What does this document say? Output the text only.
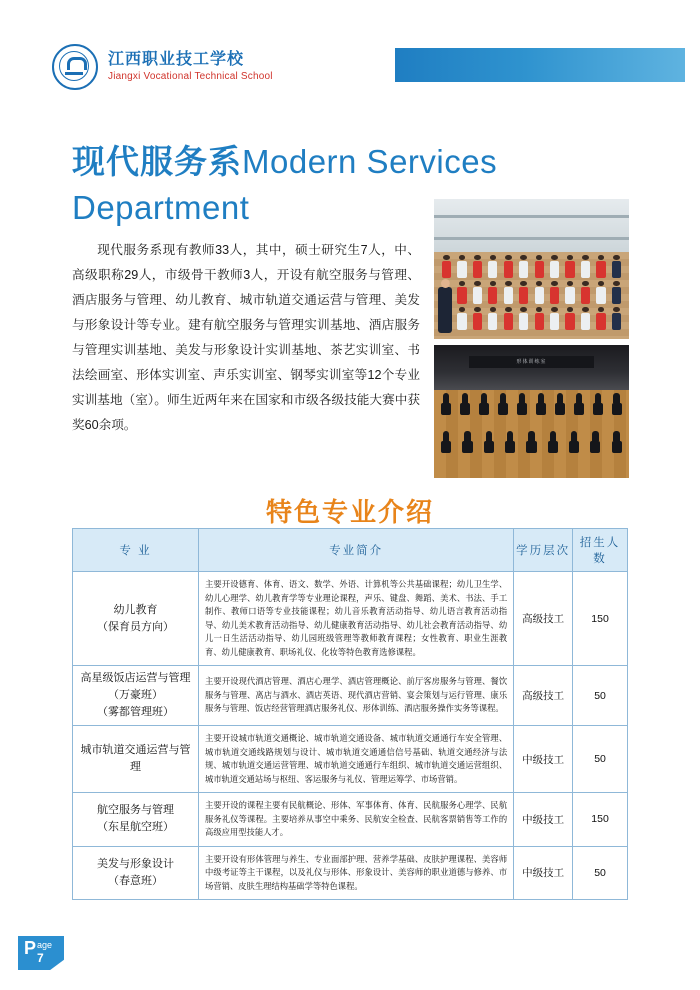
江西职业技工学校
Jiangxi Vocational Technical School
现代服务系Modern Services
Department
现代服务系现有教师33人，其中，硕士研究生7人，中、高级职称29人，市级骨干教师3人，开设有航空服务与管理、酒店服务与管理、幼儿教育、城市轨道交通运营与管理、美发与形象设计等专业。建有航空服务与管理实训基地、酒店服务与管理实训基地、美发与形象设计实训基地、茶艺实训室、书法绘画室、形体实训室、声乐实训室、钢琴实训室等12个专业实训基地（室）。师生近两年来在国家和市级各级技能大赛中获奖60余项。
形体训练室
特色专业介绍
专 业	专业简介	学历层次	招生人数

幼儿教育
（保育员方向）	主要开设德育、体育、语文、数学、外语、计算机等公共基础课程；幼儿卫生学、幼儿心理学、幼儿教育学等专业理论课程，声乐、键盘、舞蹈、美术、书法、手工制作、教师口语等专业技能课程；幼儿音乐教育活动指导、幼儿语言教育活动指导、幼儿美术教育活动指导、幼儿健康教育活动指导、幼儿社会教育活动指导、幼儿一日生活活动指导、幼儿园班级管理等教师教育课程；女性教育、职业生涯教育、幼儿健康教育、职场礼仪、化妆等特色教育选修课程。	高级技工	150

高星级饭店运营与管理
（万豪班）
（雾都管理班）	主要开设现代酒店管理、酒店心理学、酒店管理概论、前厅客房服务与管理、餐饮服务与管理、离店与酒水、酒店英语、现代酒店营销、宴会策划与运行管理、康乐服务与管理、饭店经营管理酒店服务礼仪、形体训练、酒店服务操作实务等课程。	高级技工	50

城市轨道交通运营与管理	主要开设城市轨道交通概论、城市轨道交通设备、城市轨道交通通行车安全管理、城市轨道交通线路规划与设计、城市轨道交通通信信号基础、轨道交通经济与法规、城市轨道交通运营管理、城市轨道交通通行车组织、城市轨道交通运营组织、城市轨道交通站场与枢纽、客运服务与礼仪、管理运筹学、市场营销。	中级技工	50

航空服务与管理
（东星航空班）	主要开设的课程主要有民航概论、形体、军事体育、体育、民航服务心理学、民航服务礼仪等课程。主要培养从事空中乘务、民航安全检查、民航客票销售等工作的高级应用型技能人才。	中级技工	150

美发与形象设计
（春意班）	主要开设有形体管理与养生、专业面部护理、营养学基础、皮肤护理课程、美容师中级考证等主干课程，以及礼仪与形体、形象设计、美容师的职业道德与修养、市场营销、皮肤生理结构基础学等特色课程。	中级技工	50
P age
7
